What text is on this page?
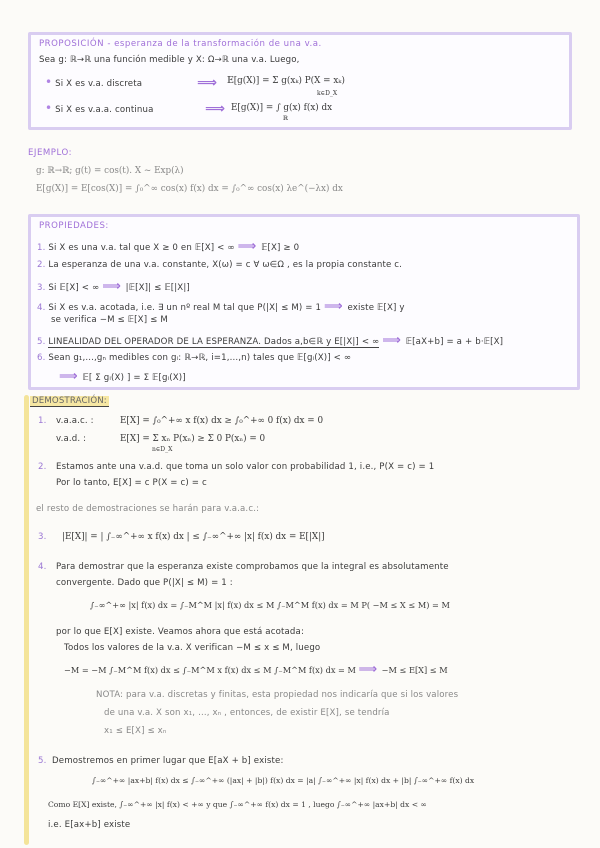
PROPOSICIÓN - esperanza de la transformación de una v.a.
Sea g: ℝ→ℝ una función medible y X: Ω→ℝ una v.a. Luego,
• Si X es v.a. discreta	⟹ 𝔼[g(X)] = Σ g(xₖ) P(X = xₖ)
k∈D_X
• Si X es v.a.a. continua	⟹ E[g(X)] = ∫ g(x) f(x) dx
ℝ
EJEMPLO:
g: ℝ→ℝ; g(t) = cos(t). X ~ Exp(λ)
E[g(X)] = E[cos(X)] = ∫₀^∞ cos(x) f(x) dx = ∫₀^∞ cos(x) λe^(−λx) dx
PROPIEDADES:
1. Si X es una v.a. tal que X ≥ 0 en 𝔼[X] < ∞ ⟹ 𝔼[X] ≥ 0
2. La esperanza de una v.a. constante, X(ω) = c ∀ ω∈Ω , es la propia constante c.
3. Si 𝔼[X] < ∞ ⟹ |𝔼[X]| ≤ 𝔼[|X|]
4. Si X es v.a. acotada, i.e. ∃ un nº real M tal que P(|X| ≤ M) = 1 ⟹ existe 𝔼[X] y
se verifica −M ≤ 𝔼[X] ≤ M
5. LINEALIDAD DEL OPERADOR DE LA ESPERANZA. Dados a,b∈ℝ y E[|X|] < ∞ ⟹ 𝔼[aX+b] = a + b·𝔼[X]
6. Sean g₁,...,gₙ medibles con gᵢ: ℝ→ℝ, i=1,...,n) tales que 𝔼[gᵢ(X)] < ∞
⟹ 𝔼[ Σ gᵢ(X) ] = Σ 𝔼[gᵢ(X)]
DEMOSTRACIÓN:
1. v.a.a.c. :	E[X] = ∫₀^+∞ x f(x) dx ≥ ∫₀^+∞ 0 f(x) dx = 0
v.a.d. :	E[X] = Σ xₙ P(xₙ) ≥ Σ 0 P(xₙ) = 0
n∈D_X
2. Estamos ante una v.a.d. que toma un solo valor con probabilidad 1, i.e., P(X = c) = 1
Por lo tanto, E[X] = c P(X = c) = c
el resto de demostraciones se harán para v.a.a.c.:
3. |E[X]| = | ∫₋∞^+∞ x f(x) dx | ≤ ∫₋∞^+∞ |x| f(x) dx = E[|X|]
4. Para demostrar que la esperanza existe comprobamos que la integral es absolutamente
convergente. Dado que P(|X| ≤ M) = 1 :
∫₋∞^+∞ |x| f(x) dx = ∫₋M^M |x| f(x) dx ≤ M ∫₋M^M f(x) dx = M P( −M ≤ X ≤ M) = M
por lo que E[X] existe. Veamos ahora que está acotada:
Todos los valores de la v.a. X verifican −M ≤ x ≤ M, luego
−M = −M ∫₋M^M f(x) dx ≤ ∫₋M^M x f(x) dx ≤ M ∫₋M^M f(x) dx = M ⟹ −M ≤ E[X] ≤ M
NOTA: para v.a. discretas y finitas, esta propiedad nos indicaría que si los valores
de una v.a. X son x₁, ..., xₙ , entonces, de existir E[X], se tendría
x₁ ≤ E[X] ≤ xₙ
5. Demostremos en primer lugar que E[aX + b] existe:
∫₋∞^+∞ |ax+b| f(x) dx ≤ ∫₋∞^+∞ (|ax| + |b|) f(x) dx = |a| ∫₋∞^+∞ |x| f(x) dx + |b| ∫₋∞^+∞ f(x) dx
Como E[X] existe, ∫₋∞^+∞ |x| f(x) < +∞ y que ∫₋∞^+∞ f(x) dx = 1 , luego ∫₋∞^+∞ |ax+b| dx < ∞
i.e. E[ax+b] existe
